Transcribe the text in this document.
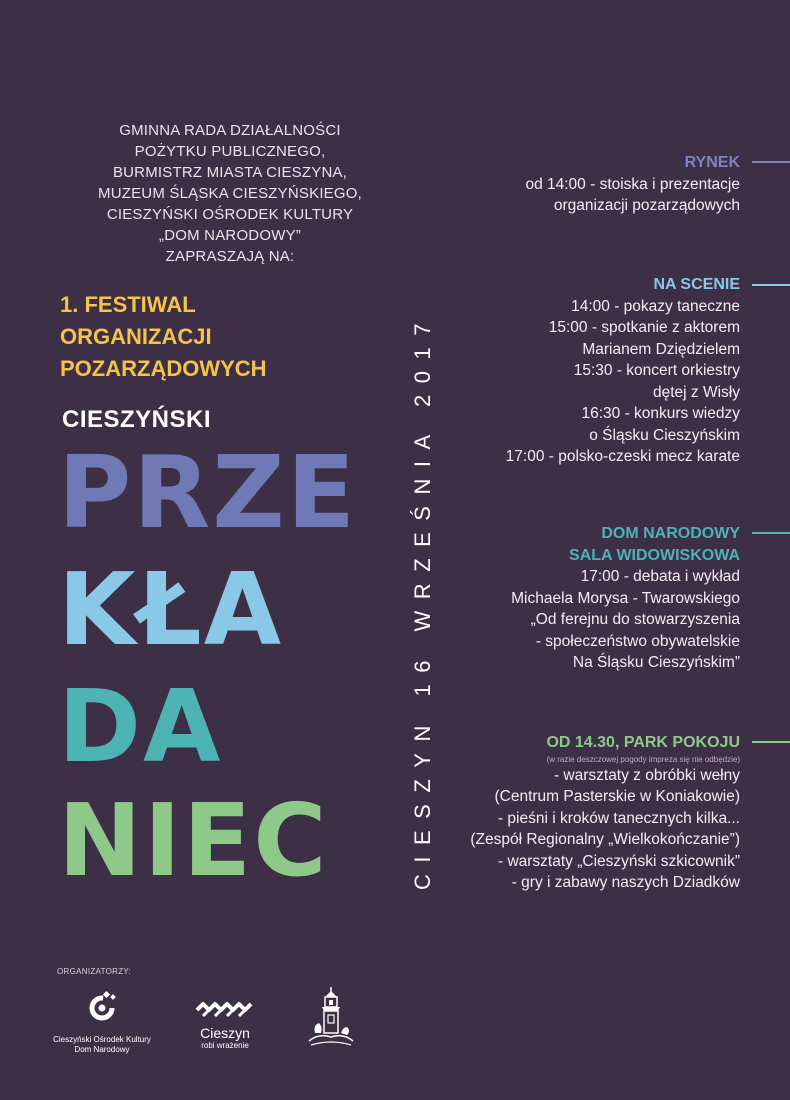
GMINNA RADA DZIAŁALNOŚCI
POŻYTKU PUBLICZNEGO,
BURMISTRZ MIASTA CIESZYNA,
MUZEUM ŚLĄSKA CIESZYŃSKIEGO,
CIESZYŃSKI OŚRODEK KULTURY
„DOM NARODOWY”
ZAPRASZAJĄ NA:
1. FESTIWAL
ORGANIZACJI
POZARZĄDOWYCH
CIESZYŃSKI
PRZE
KŁA
DA
NIEC	CIESZYN 16 WRZEŚNIA 2017
RYNEK
od 14:00 - stoiska i prezentacje
organizacji pozarządowych
NA SCENIE
14:00 - pokazy taneczne
15:00 - spotkanie z aktorem
Marianem Dziędzielem
15:30 - koncert orkiestry
dętej z Wisły
16:30 - konkurs wiedzy
o Śląsku Cieszyńskim
17:00 - polsko-czeski mecz karate
DOM NARODOWY
SALA WIDOWISKOWA
17:00 - debata i wykład
Michaela Morysa - Twarowskiego
„Od ferejnu do stowarzyszenia
- społeczeństwo obywatelskie
Na Śląsku Cieszyńskim”
OD 14.30, PARK POKOJU
(w razie deszczowej pogody impreza się nie odbędzie)
- warsztaty z obróbki wełny
(Centrum Pasterskie w Koniakowie)
- pieśni i kroków tanecznych kilka...
(Zespół Regionalny „Wielkokończanie”)
- warsztaty „Cieszyński szkicownik”
- gry i zabawy naszych Dziadków
ORGANIZATORZY:
Cieszyński Ośrodek Kultury
Dom Narodowy
Cieszyn
robi wrażenie
